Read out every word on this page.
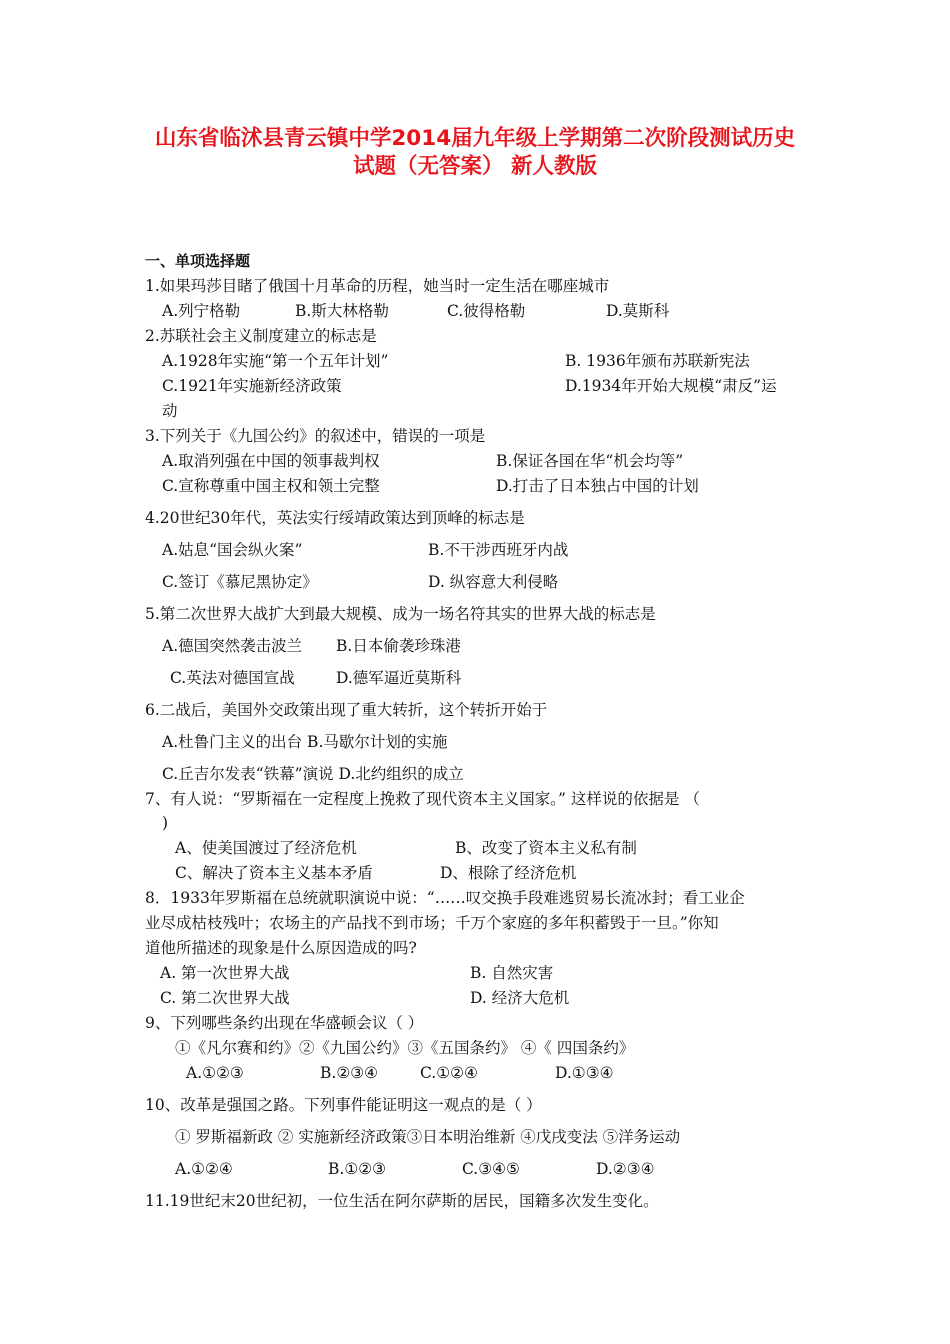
山东省临沭县青云镇中学2014届九年级上学期第二次阶段测试历史
试题（无答案） 新人教版
一、单项选择题
1.如果玛莎目睹了俄国十月革命的历程，她当时一定生活在哪座城市
A.列宁格勒	B.斯大林格勒	C.彼得格勒	D.莫斯科
2.苏联社会主义制度建立的标志是
A.1928年实施“第一个五年计划”	B. 1936年颁布苏联新宪法
C.1921年实施新经济政策	D.1934年开始大规模“肃反”运
动
3.下列关于《九国公约》的叙述中，错误的一项是
A.取消列强在中国的领事裁判权	B.保证各国在华“机会均等”
C.宣称尊重中国主权和领土完整	D.打击了日本独占中国的计划
4.20世纪30年代，英法实行绥靖政策达到顶峰的标志是
A.姑息“国会纵火案”	B.不干涉西班牙内战
C.签订《慕尼黑协定》	D. 纵容意大利侵略
5.第二次世界大战扩大到最大规模、成为一场名符其实的世界大战的标志是
A.德国突然袭击波兰 B.日本偷袭珍珠港
C.英法对德国宣战	D.德军逼近莫斯科
6.二战后，美国外交政策出现了重大转折，这个转折开始于
A.杜鲁门主义的出台 B.马歇尔计划的实施
C.丘吉尔发表“铁幕”演说 D.北约组织的成立
7、有人说：“罗斯福在一定程度上挽救了现代资本主义国家。” 这样说的依据是 （
)
A、使美国渡过了经济危机	B、改变了资本主义私有制
C、解决了资本主义基本矛盾	D、根除了经济危机
8．1933年罗斯福在总统就职演说中说：“……叹交换手段难逃贸易长流冰封；看工业企
业尽成枯枝残叶；农场主的产品找不到市场；千万个家庭的多年积蓄毁于一旦。”你知
道他所描述的现象是什么原因造成的吗?
A. 第一次世界大战	B. 自然灾害
C. 第二次世界大战	D. 经济大危机
9、下列哪些条约出现在华盛顿会议（ ）
①《凡尔赛和约》②《九国公约》③《五国条约》 ④《 四国条约》
A.①②③	B.②③④	C.①②④	D.①③④
10、改革是强国之路。下列事件能证明这一观点的是（ ）
① 罗斯福新政 ② 实施新经济政策③日本明治维新 ④戊戌变法 ⑤洋务运动
A.①②④	B.①②③	C.③④⑤	D.②③④
11.19世纪末20世纪初，一位生活在阿尔萨斯的居民，国籍多次发生变化。
